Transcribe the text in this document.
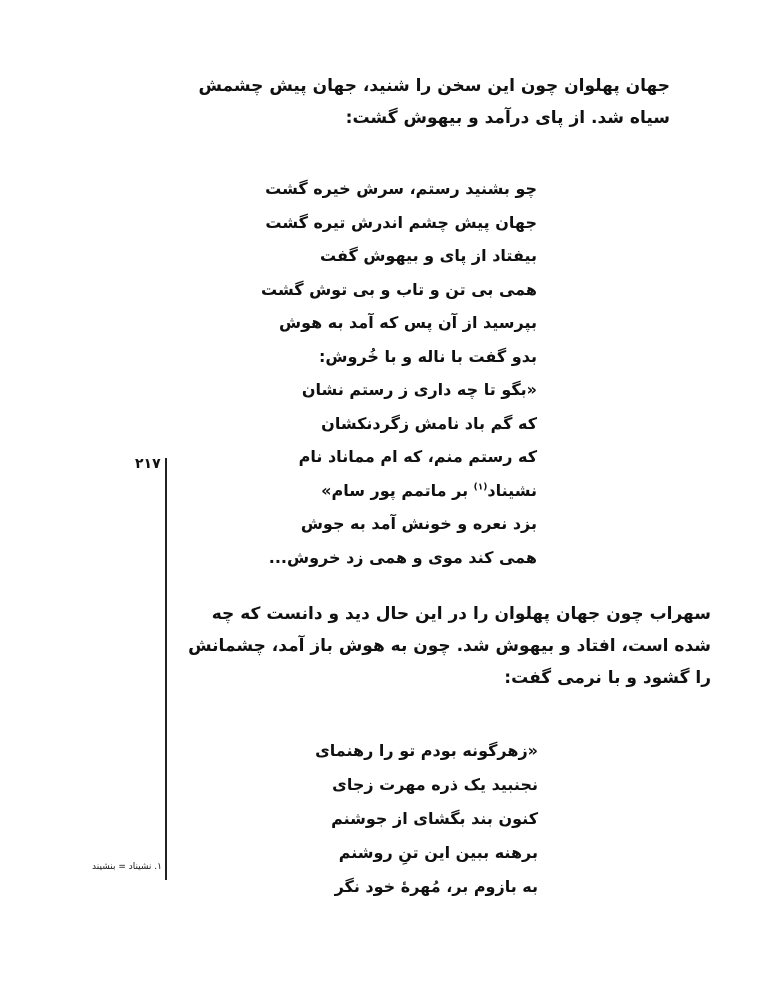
جهان پهلوان چون این سخن را شنید، جهان پیش چشمش سیاه شد. از پای درآمد و بیهوش گشت:

چو بشنید رستم، سرش خیره گشت
جهان پیش چشم اندرش تیره گشت
بیفتاد از پای و بیهوش گفت
همی بی تن و تاب و بی توش گشت
بپرسید از آن پس که آمد به هوش
بدو گفت با ناله و با خُروش:
«بگو تا چه داری ز رستم نشان
که گم باد نامش زگردنکشان
که رستم منم، که ام مماناد نام
نشیناد$^{(۱)}$ بر ماتمم پور سام»
بزد نعره و خونش آمد به جوش
همی کند موی و همی زد خروش...
۲۱۷

سهراب چون جهان پهلوان را در این حال دید و دانست که چه شده است، افتاد و بیهوش شد. چون به هوش باز آمد، چشمانش را گشود و با نرمی گفت:

«زهرگونه بودم تو را رهنمای
نجنبید یک ذره مهرت زجای
کنون بند بگشای از جوشنم
برهنه ببین این تنِ روشنم
به بازوم بر، مُهرهٔ خود نگر
۱. نشیناد = بنشیند
